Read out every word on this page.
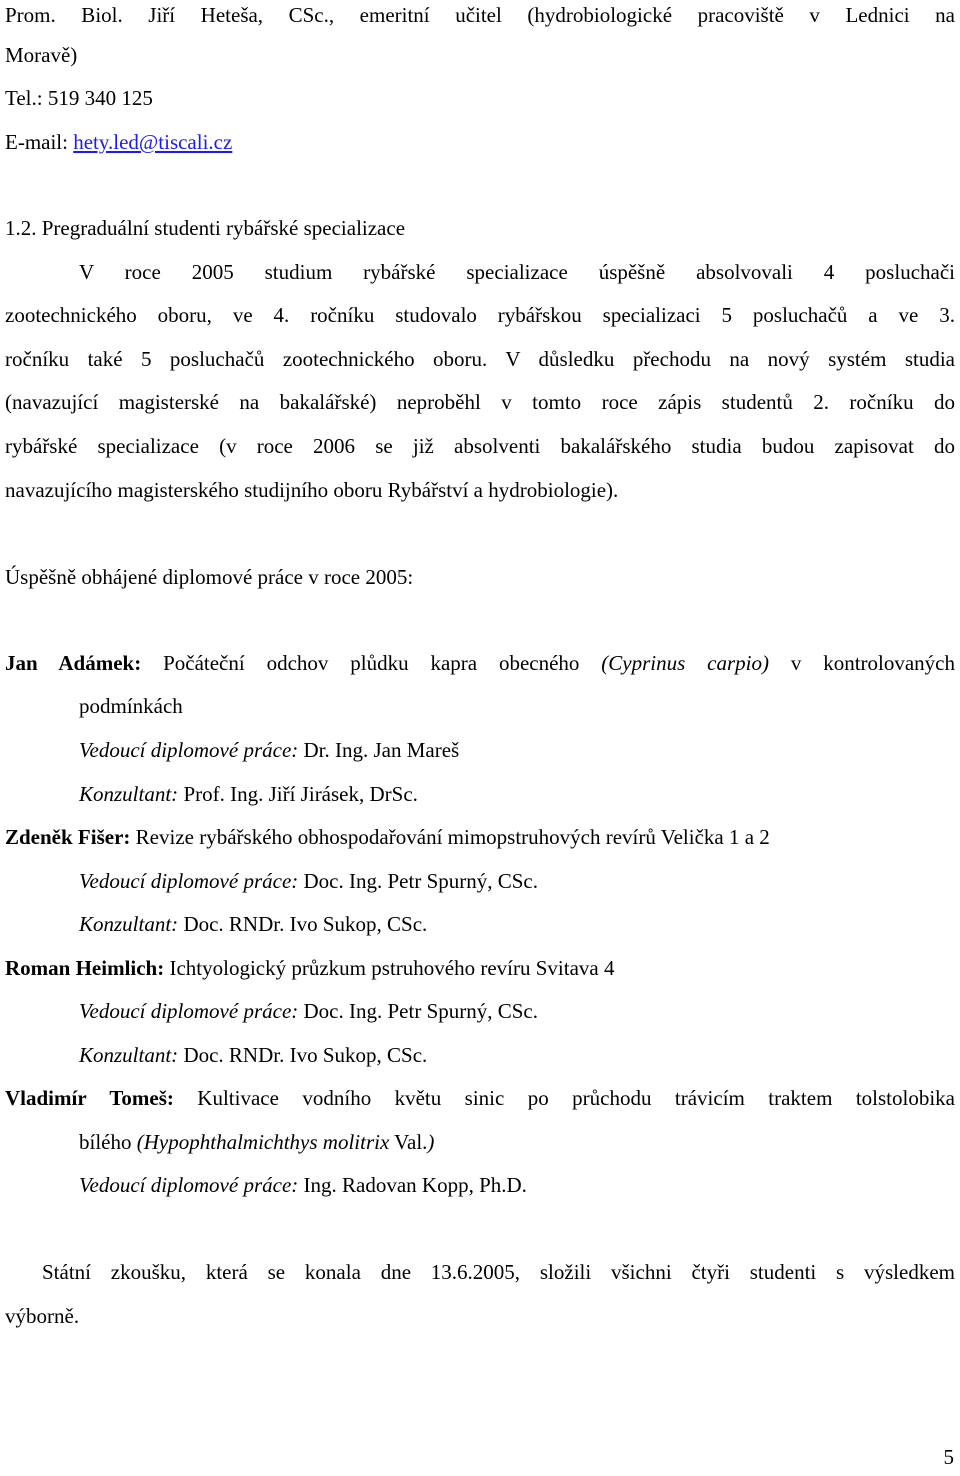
Prom. Biol. Jiří Heteša, CSc., emeritní učitel (hydrobiologické pracoviště v Lednici na
Moravě)
Tel.: 519 340 125
E-mail: hety.led@tiscali.cz
1.2. Pregraduální studenti rybářské specializace
V roce 2005 studium rybářské specializace úspěšně absolvovali 4 posluchači
zootechnického oboru, ve 4. ročníku studovalo rybářskou specializaci 5 posluchačů a ve 3.
ročníku také 5 posluchačů zootechnického oboru. V důsledku přechodu na nový systém studia
(navazující magisterské na bakalářské) neproběhl v tomto roce zápis studentů 2. ročníku do
rybářské specializace (v roce 2006 se již absolventi bakalářského studia budou zapisovat do
navazujícího magisterského studijního oboru Rybářství a hydrobiologie).
Úspěšně obhájené diplomové práce v roce 2005:
Jan Adámek: Počáteční odchov plůdku kapra obecného (Cyprinus carpio) v kontrolovaných
podmínkách
Vedoucí diplomové práce: Dr. Ing. Jan Mareš
Konzultant: Prof. Ing. Jiří Jirásek, DrSc.
Zdeněk Fišer: Revize rybářského obhospodařování mimopstruhových revírů Velička 1 a 2
Vedoucí diplomové práce: Doc. Ing. Petr Spurný, CSc.
Konzultant: Doc. RNDr. Ivo Sukop, CSc.
Roman Heimlich: Ichtyologický průzkum pstruhového revíru Svitava 4
Vedoucí diplomové práce: Doc. Ing. Petr Spurný, CSc.
Konzultant: Doc. RNDr. Ivo Sukop, CSc.
Vladimír Tomeš: Kultivace vodního květu sinic po průchodu trávicím traktem tolstolobika
bílého (Hypophthalmichthys molitrix Val.)
Vedoucí diplomové práce: Ing. Radovan Kopp, Ph.D.
Státní zkoušku, která se konala dne 13.6.2005, složili všichni čtyři studenti s výsledkem
výborně.
5
